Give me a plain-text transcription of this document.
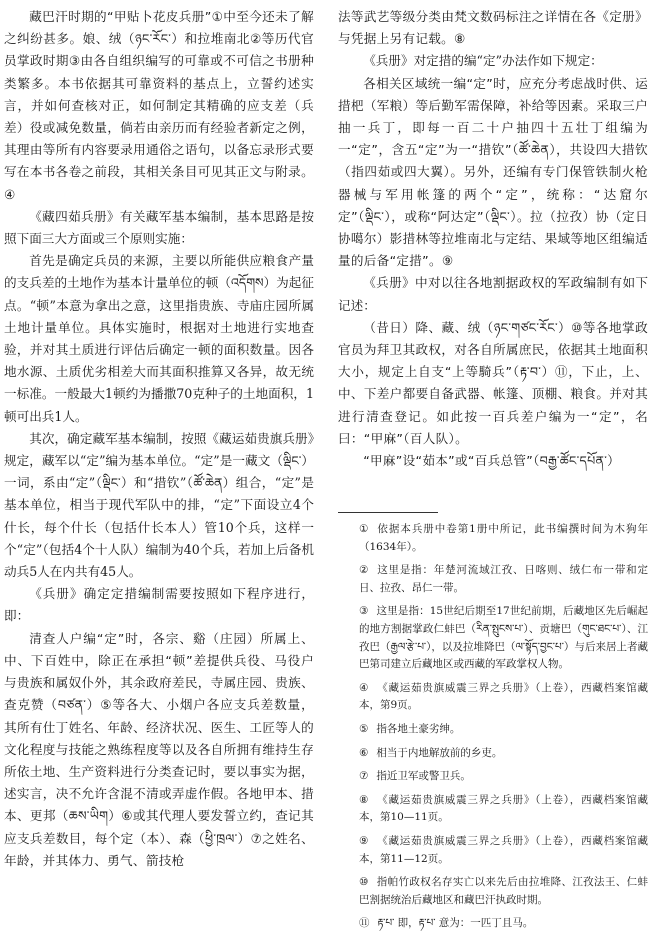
藏巴汗时期的“甲贴卜花皮兵册”①中至今还未了解之纠纷甚多。娘、绒（ཉང་རོང་）和拉堆南北②等历代官员掌政时期③由各自组织编写的可靠或不可信之书册种类繁多。本书依据其可靠资料的基点上，立誓约述实言，并如何查核对正，如何制定其精确的应支差（兵差）役或减免数量，倘若由亲历而有经验者新定之例，其理由等所有内容要录用通俗之语句，以备忘录形式要写在本书各卷之前段，其相关条目可见其正文与附录。④

《藏四茹兵册》有关藏军基本编制，基本思路是按照下面三大方面或三个原则实施：

首先是确定兵员的来源，主要以所能供应粮食产量的支兵差的土地作为基本计量单位的顿（འདོགས）为起征点。“顿”本意为拿出之意，这里指贵族、寺庙庄园所属土地计量单位。具体实施时，根据对土地进行实地查验，并对其土质进行评估后确定一顿的面积数量。因各地水源、土质优劣相差大而其面积推算又各异，故无统一标准。一般最大1顿约为播撒70克种子的土地面积，1顿可出兵1人。

其次，确定藏军基本编制，按照《藏运茹贵旗兵册》规定，藏军以“定”编为基本单位。“定”是一藏文（ལྡིང་）一词，系由“定”（ལྡིང་）和“措钦”（ཚོ་ཆེན）组合，“定”是基本单位，相当于现代军队中的排，“定”下面设立4个什长，每个什长（包括什长本人）管10个兵，这样一个“定”（包括4个十人队）编制为40个兵，若加上后备机动兵5人在内共有45人。

《兵册》确定定措编制需要按照如下程序进行，即：

清查人户编“定”时，各宗、谿（庄园）所属上、中、下百姓中，除正在承担“顿”差提供兵役、马役户与贵族和属奴仆外，其余政府差民，寺属庄园、贵族、查克赞（བཙན་）⑤等各大、小烟户各应支兵差数量，其所有仕丁姓名、年龄、经济状况、医生、工匠等人的文化程度与技能之熟练程度等以及各自所拥有维持生存所依土地、生产资料进行分类查记时，要以事实为据，述实言，决不允许含混不清或弄虚作假。各地甲本、措本、更邦（ཆས་ཡིག）⑥或其代理人要发誓立约，查记其应支兵差数目，每个定（本）、森（ཕྱི་ཁྲལ་）⑦之姓名、年龄，并其体力、勇气、箭技枪

法等武艺等级分类由梵文数码标注之详情在各《定册》与凭据上另有记载。⑧

《兵册》对定措的编“定”办法作如下规定：

各相关区域统一编“定”时，应充分考虑战时供、运措杷（军粮）等后勤军需保障，补给等因素。采取三户抽一兵丁，即每一百二十户抽四十五壮丁组编为一“定”，含五“定”为一“措钦”（ཚོ་ཆེན），共设四大措钦（指四茹或四大翼）。另外，还编有专门保管铁制火枪器械与军用帐篷的两个“定”，统称：“达窟尔定”（ལྡིང་），或称“阿达定”（ལྡིང་）。拉（拉孜）协（定日协噶尔）影措林等拉堆南北与定结、果域等地区组编适量的后备“定措”。⑨

《兵册》中对以往各地割据政权的军政编制有如下记述：

（昔日）降、藏、绒（ཉང་གཙང་རོང་）⑩等各地掌政官员为拜卫其政权，对各自所属庶民，依据其土地面积大小，规定上自支“上等騎兵”（རྟ་བ་）⑪，下止，上、中、下差户都要自备武器、帐篷、顶棚、粮食。并对其进行清查登记。如此按一百兵差户编为一“定”，名曰：“甲麻”（百人队）。

“甲麻”设“茹本”或“百兵总管”（བརྒྱ་ཚོང་དཔོན་）

① 依据本兵册中卷第1册中所记，此书编撰时间为木狗年（1634年）。

② 这里是指：年楚河流域江孜、日喀则、绒仁布一带和定日、拉孜、昂仁一带。

③ 这里是指：15世纪后期至17世纪前期，后藏地区先后崛起的地方割据掌政仁蚌巴（རིན་སྤུངས་པ་）、贡塘巴（གུང་ཐང་པ་）、江孜巴（རྒྱལ་རྩེ་པ་），以及拉堆降巴（ལ་སྟོད་བྱང་པ་）与后来居上者藏巴第司建立后藏地区或西藏的军政掌权人物。

④ 《藏运茹贵旗威震三界之兵册》（上卷），西藏档案馆藏本，第9页。

⑤ 指各地土豪劣绅。

⑥ 相当于内地解放前的乡吏。

⑦ 指近卫军或警卫兵。

⑧ 《藏运茹贵旗威震三界之兵册》（上卷），西藏档案馆藏本，第10—11页。

⑨ 《藏运茹贵旗威震三界之兵册》（上卷），西藏档案馆藏本，第11—12页。

⑩ 指帕竹政权名存实亡以来先后由拉堆降、江孜法王、仁蚌巴割据统治后藏地区和藏巴汗执政时期。

⑪ རྟ་པ་ 即，རྟ་པ་ 意为：一匹丁且马。
